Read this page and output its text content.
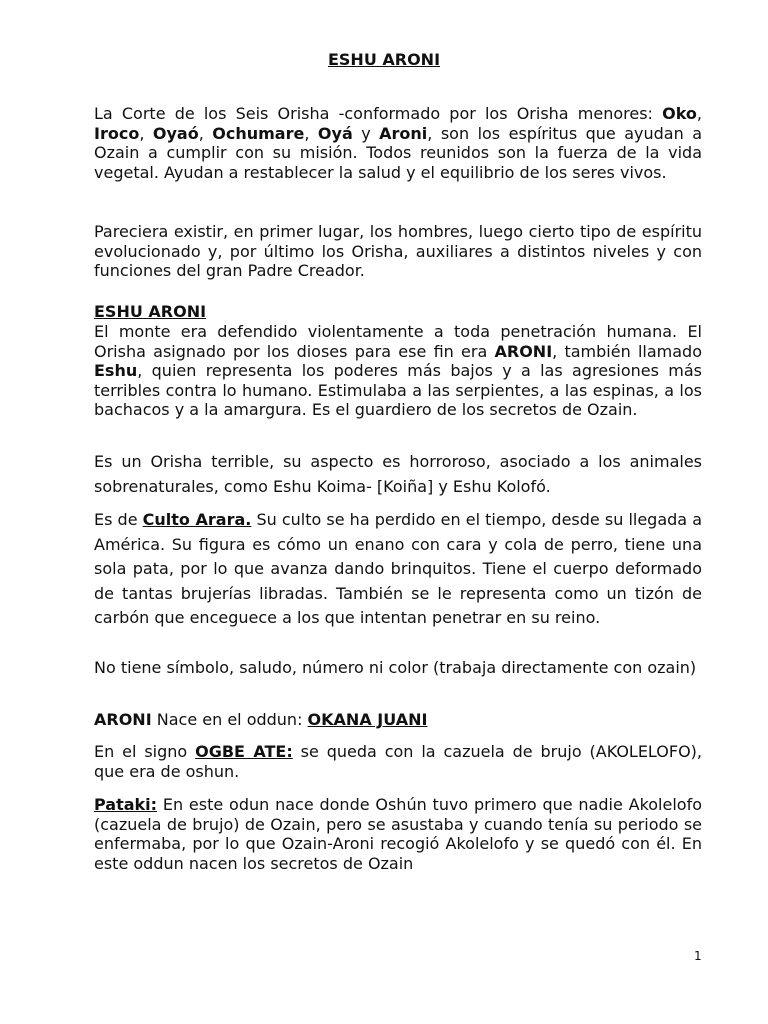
ESHU ARONI

La Corte de los Seis Orisha -conformado por los Orisha menores: Oko, Iroco, Oyaó, Ochumare, Oyá y Aroni, son los espíritus que ayudan a Ozain a cumplir con su misión. Todos reunidos son la fuerza de la vida vegetal. Ayudan a restablecer la salud y el equilibrio de los seres vivos.

Pareciera existir, en primer lugar, los hombres, luego cierto tipo de espíritu evolucionado y, por último los Orisha, auxiliares a distintos niveles y con funciones del gran Padre Creador.

ESHU ARONI

El monte era defendido violentamente a toda penetración humana. El Orisha asignado por los dioses para ese fin era ARONI, también llamado Eshu, quien representa los poderes más bajos y a las agresiones más terribles contra lo humano. Estimulaba a las serpientes, a las espinas, a los bachacos y a la amargura. Es el guardiero de los secretos de Ozain.

Es un Orisha terrible, su aspecto es horroroso, asociado a los animales sobrenaturales, como Eshu Koima- [Koiña] y Eshu Kolofó.

Es de Culto Arara. Su culto se ha perdido en el tiempo, desde su llegada a América. Su figura es cómo un enano con cara y cola de perro, tiene una sola pata, por lo que avanza dando brinquitos. Tiene el cuerpo deformado de tantas brujerías libradas. También se le representa como un tizón de carbón que enceguece a los que intentan penetrar en su reino.

No tiene símbolo, saludo, número ni color (trabaja directamente con ozain)

ARONI Nace en el oddun: OKANA JUANI

En el signo OGBE ATE: se queda con la cazuela de brujo (AKOLELOFO), que era de oshun.

Pataki: En este odun nace donde Oshún tuvo primero que nadie Akolelofo (cazuela de brujo) de Ozain, pero se asustaba y cuando tenía su periodo se enfermaba, por lo que Ozain-Aroni recogió Akolelofo y se quedó con él. En este oddun nacen los secretos de Ozain

1
